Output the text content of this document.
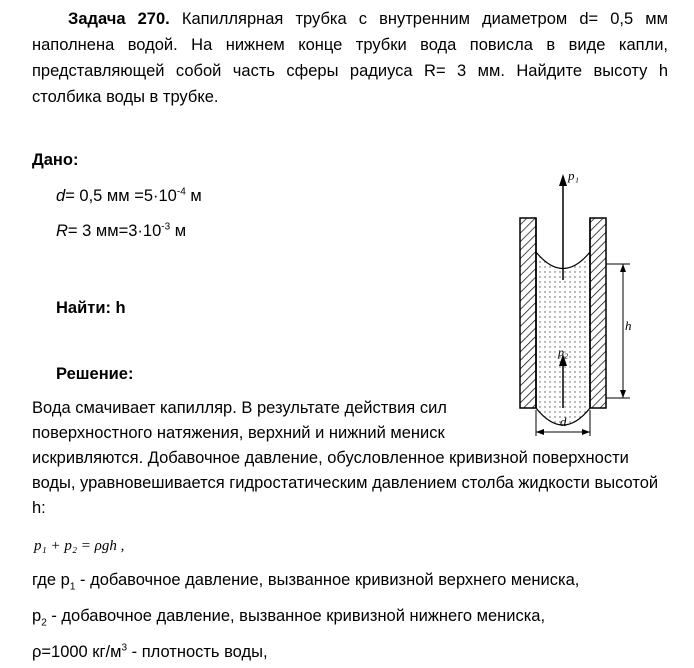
Задача 270. Капиллярная трубка с внутренним диаметром d= 0,5 мм наполнена водой. На нижнем конце трубки вода повисла в виде капли, представляющей собой часть сферы радиуса R= 3 мм. Найдите высоту h столбика воды в трубке.
Дано:
d= 0,5 мм $=5\cdot 10^{-4}$ м
R= 3 $мм=3\cdot 10^{-3}$ м
Найти: h
Решение:
Вода смачивает капилляр. В результате действия сил поверхностного натяжения, верхний и нижний мениск
искривляются. Добавочное давление, обусловленное кривизной поверхности воды, уравновешивается гидростатическим давлением столба жидкости высотой h:
p₁ + p₂ = ρgh ,
где $p_1$ - добавочное давление, вызванное кривизной верхнего мениска,
$p_2$ - добавочное давление, вызванное кривизной нижнего мениска,
ρ=1000 $кг/м^3$ - плотность воды,
p₁
p₂
h
d
